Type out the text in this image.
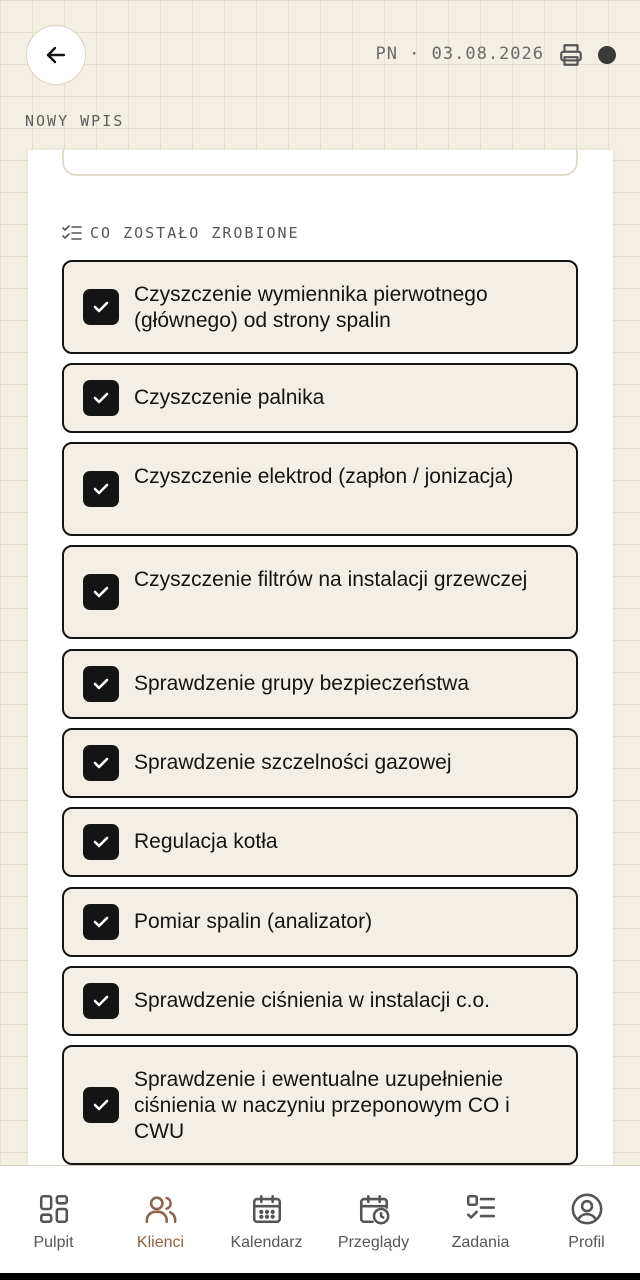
PN · 03.08.2026
NOWY WPIS
CO ZOSTAŁO ZROBIONE
Czyszczenie wymiennika pierwotnego (głównego) od strony spalin
Czyszczenie palnika
Czyszczenie elektrod (zapłon / jonizacja)
Czyszczenie filtrów na instalacji grzewczej
Sprawdzenie grupy bezpieczeństwa
Sprawdzenie szczelności gazowej
Regulacja kotła
Pomiar spalin (analizator)
Sprawdzenie ciśnienia w instalacji c.o.
Sprawdzenie i ewentualne uzupełnienie ciśnienia w naczyniu przeponowym CO i CWU
Pulpit	Klienci	Kalendarz Przeglądy	Zadania	Profil
